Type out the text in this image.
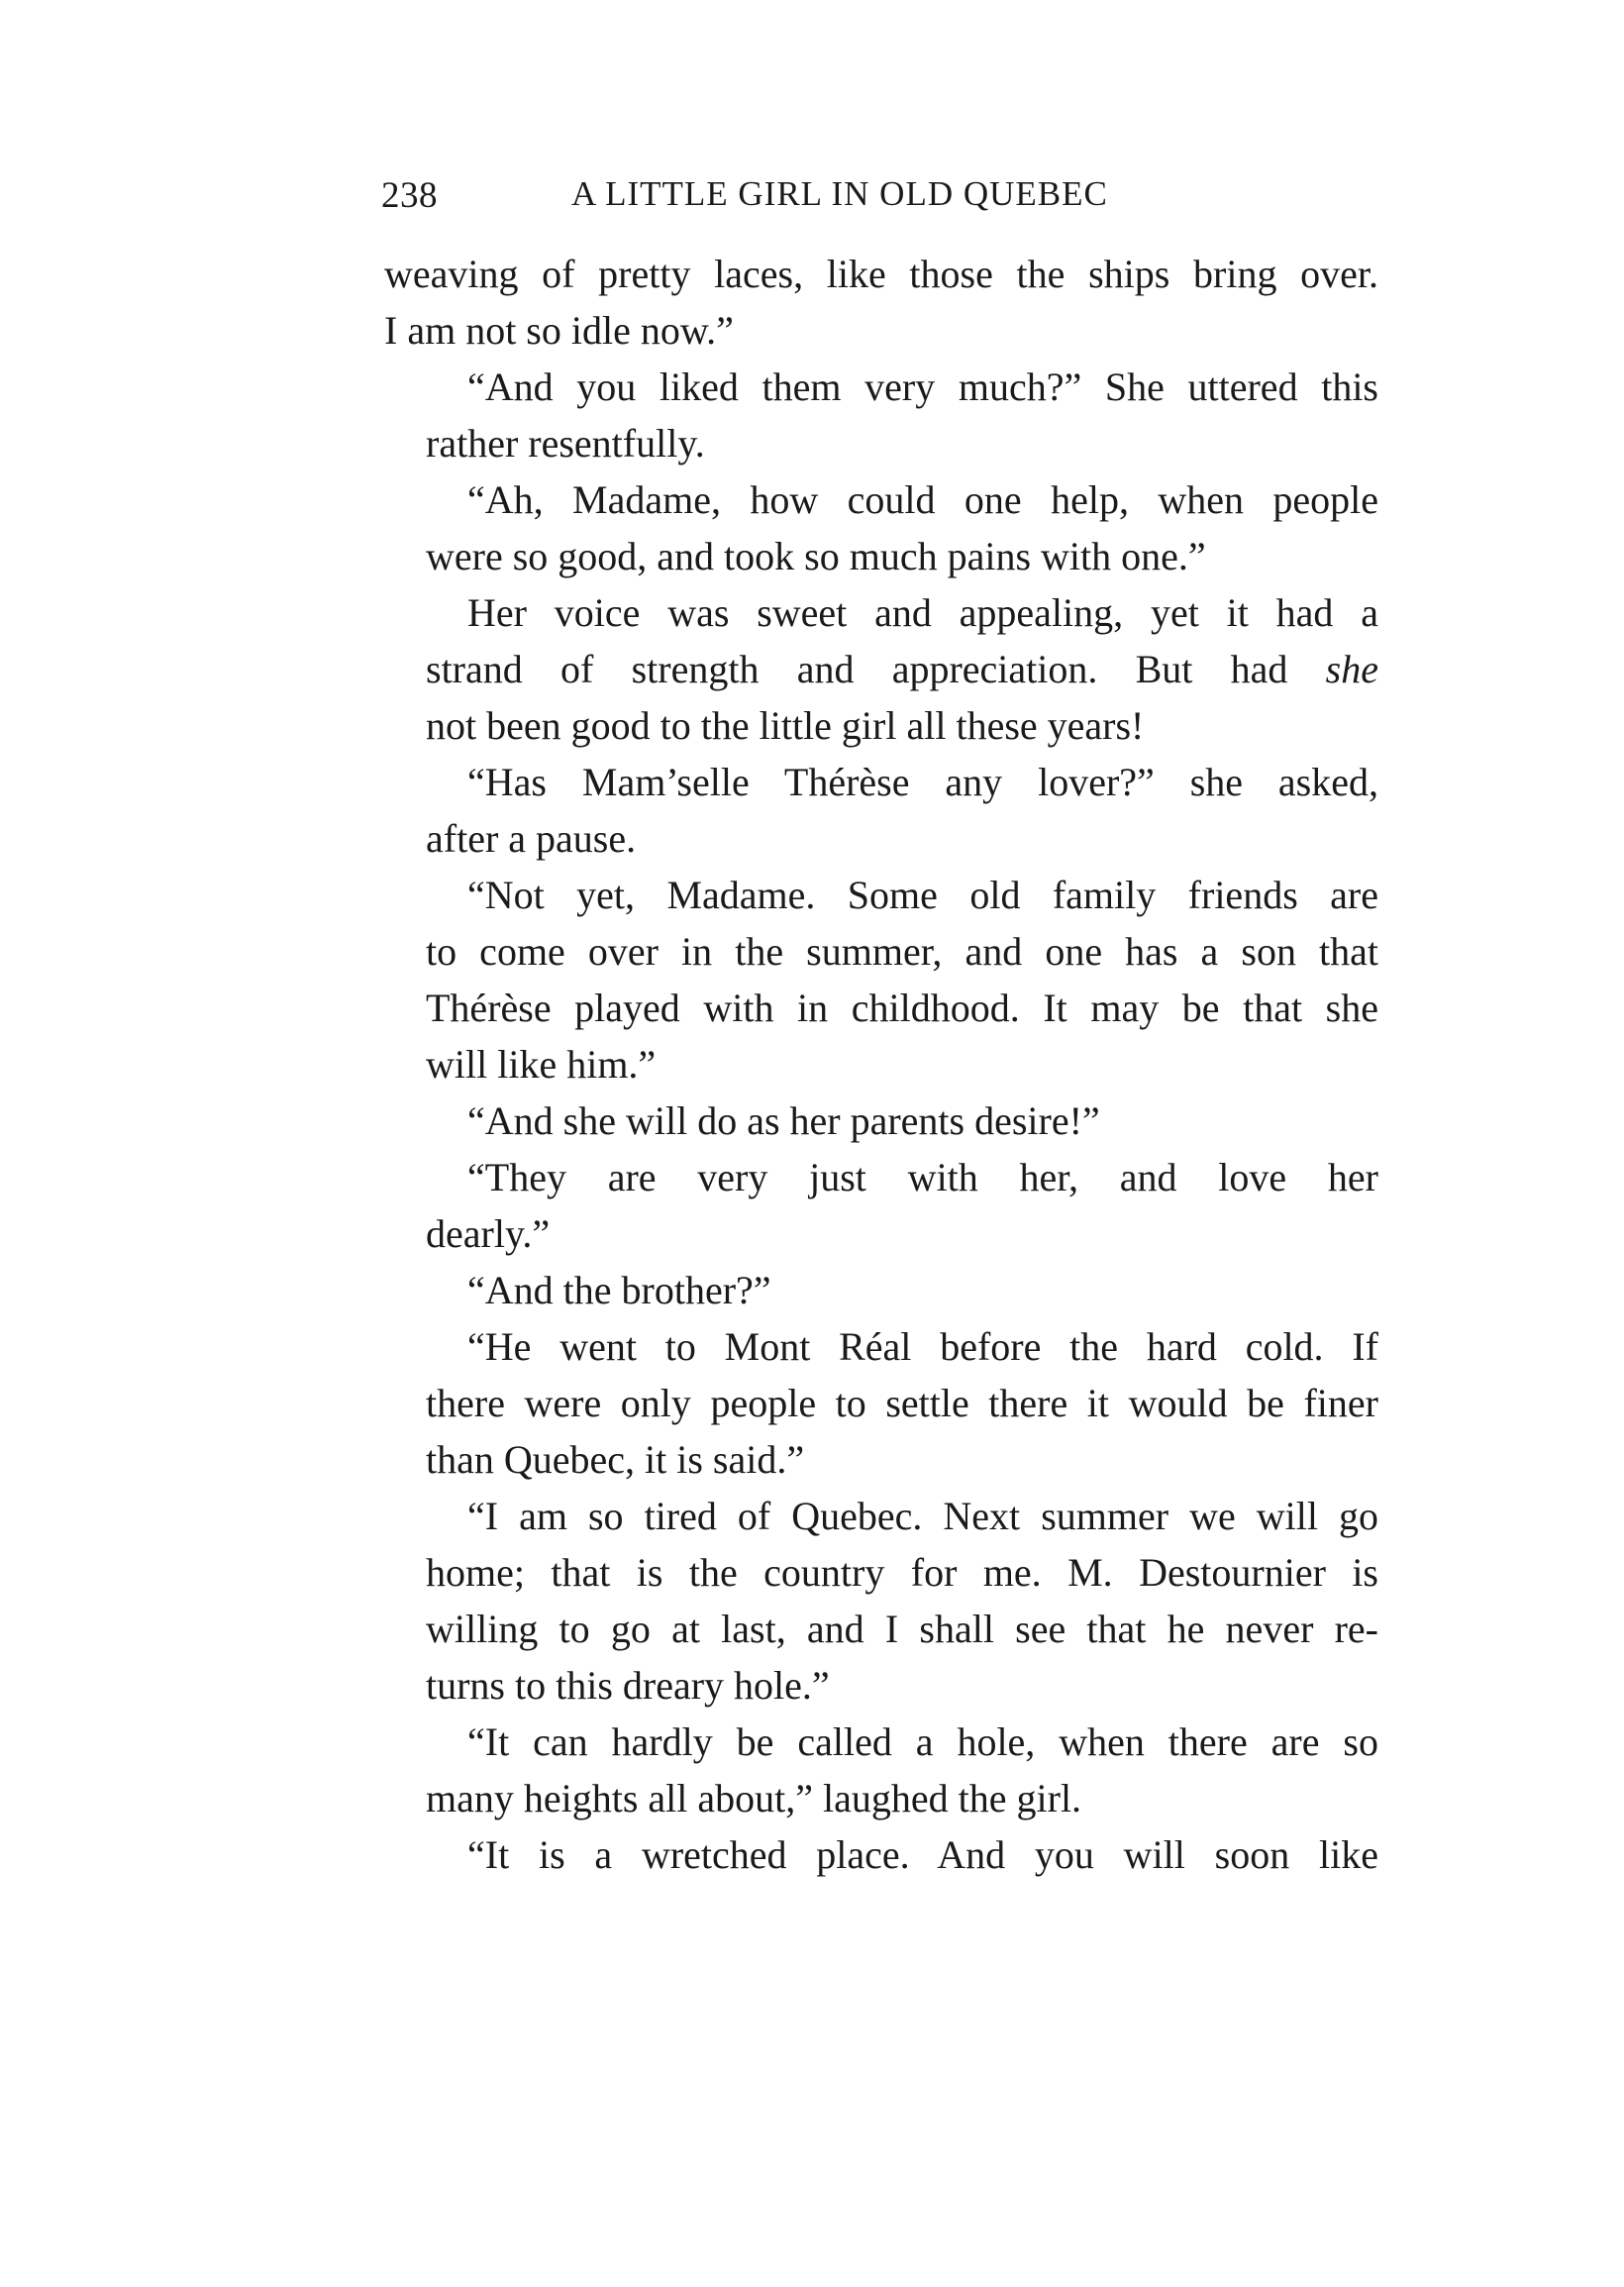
238	A LITTLE GIRL IN OLD QUEBEC
weaving of pretty laces, like those the ships bring over.
I am not so idle now.”
“And you liked them very much?” She uttered this
rather resentfully.
“Ah, Madame, how could one help, when people
were so good, and took so much pains with one.”
Her voice was sweet and appealing, yet it had a
strand of strength and appreciation. But had she
not been good to the little girl all these years!
“Has Mam’selle Thérèse any lover?” she asked,
after a pause.
“Not yet, Madame. Some old family friends are
to come over in the summer, and one has a son that
Thérèse played with in childhood. It may be that she
will like him.”
“And she will do as her parents desire!”
“They are very just with her, and love her
dearly.”
“And the brother?”
“He went to Mont Réal before the hard cold. If
there were only people to settle there it would be finer
than Quebec, it is said.”
“I am so tired of Quebec. Next summer we will go
home; that is the country for me. M. Destournier is
willing to go at last, and I shall see that he never re-
turns to this dreary hole.”
“It can hardly be called a hole, when there are so
many heights all about,” laughed the girl.
“It is a wretched place. And you will soon like
